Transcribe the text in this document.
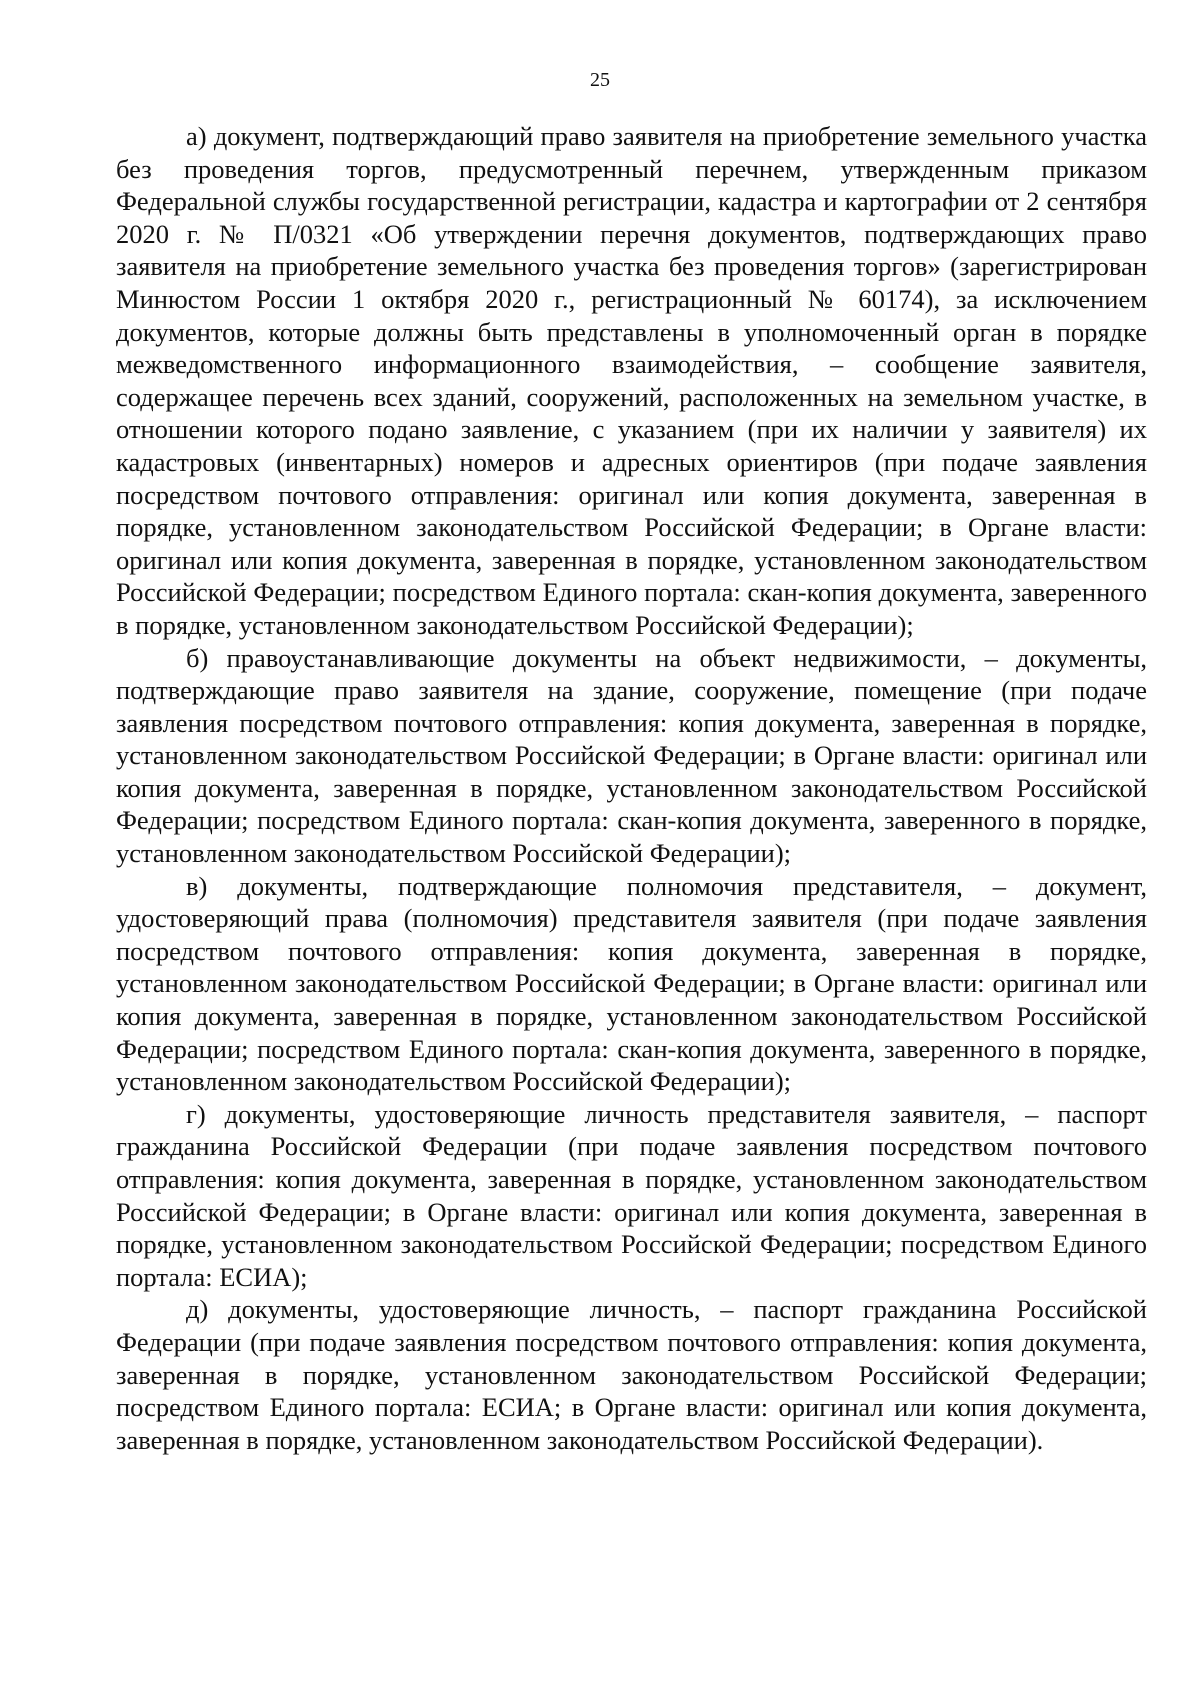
25

а) документ, подтверждающий право заявителя на приобретение земельного участка без проведения торгов, предусмотренный перечнем, утвержденным приказом Федеральной службы государственной регистрации, кадастра и картографии от 2 сентября 2020 г. № П/0321 «Об утверждении перечня документов, подтверждающих право заявителя на приобретение земельного участка без проведения торгов» (зарегистрирован Минюстом России 1 октября 2020 г., регистрационный № 60174), за исключением документов, которые должны быть представлены в уполномоченный орган в порядке межведомственного информационного взаимодействия, – сообщение заявителя, содержащее перечень всех зданий, сооружений, расположенных на земельном участке, в отношении которого подано заявление, с указанием (при их наличии у заявителя) их кадастровых (инвентарных) номеров и адресных ориентиров (при подаче заявления посредством почтового отправления: оригинал или копия документа, заверенная в порядке, установленном законодательством Российской Федерации; в Органе власти: оригинал или копия документа, заверенная в порядке, установленном законодательством Российской Федерации; посредством Единого портала: скан-копия документа, заверенного в порядке, установленном законодательством Российской Федерации);

б) правоустанавливающие документы на объект недвижимости, – документы, подтверждающие право заявителя на здание, сооружение, помещение (при подаче заявления посредством почтового отправления: копия документа, заверенная в порядке, установленном законодательством Российской Федерации; в Органе власти: оригинал или копия документа, заверенная в порядке, установленном законодательством Российской Федерации; посредством Единого портала: скан-копия документа, заверенного в порядке, установленном законодательством Российской Федерации);

в) документы, подтверждающие полномочия представителя, – документ, удостоверяющий права (полномочия) представителя заявителя (при подаче заявления посредством почтового отправления: копия документа, заверенная в порядке, установленном законодательством Российской Федерации; в Органе власти: оригинал или копия документа, заверенная в порядке, установленном законодательством Российской Федерации; посредством Единого портала: скан-копия документа, заверенного в порядке, установленном законодательством Российской Федерации);

г) документы, удостоверяющие личность представителя заявителя, – паспорт гражданина Российской Федерации (при подаче заявления посредством почтового отправления: копия документа, заверенная в порядке, установленном законодательством Российской Федерации; в Органе власти: оригинал или копия документа, заверенная в порядке, установленном законодательством Российской Федерации; посредством Единого портала: ЕСИА);

д) документы, удостоверяющие личность, – паспорт гражданина Российской Федерации (при подаче заявления посредством почтового отправления: копия документа, заверенная в порядке, установленном законодательством Российской Федерации; посредством Единого портала: ЕСИА; в Органе власти: оригинал или копия документа, заверенная в порядке, установленном законодательством Российской Федерации).
